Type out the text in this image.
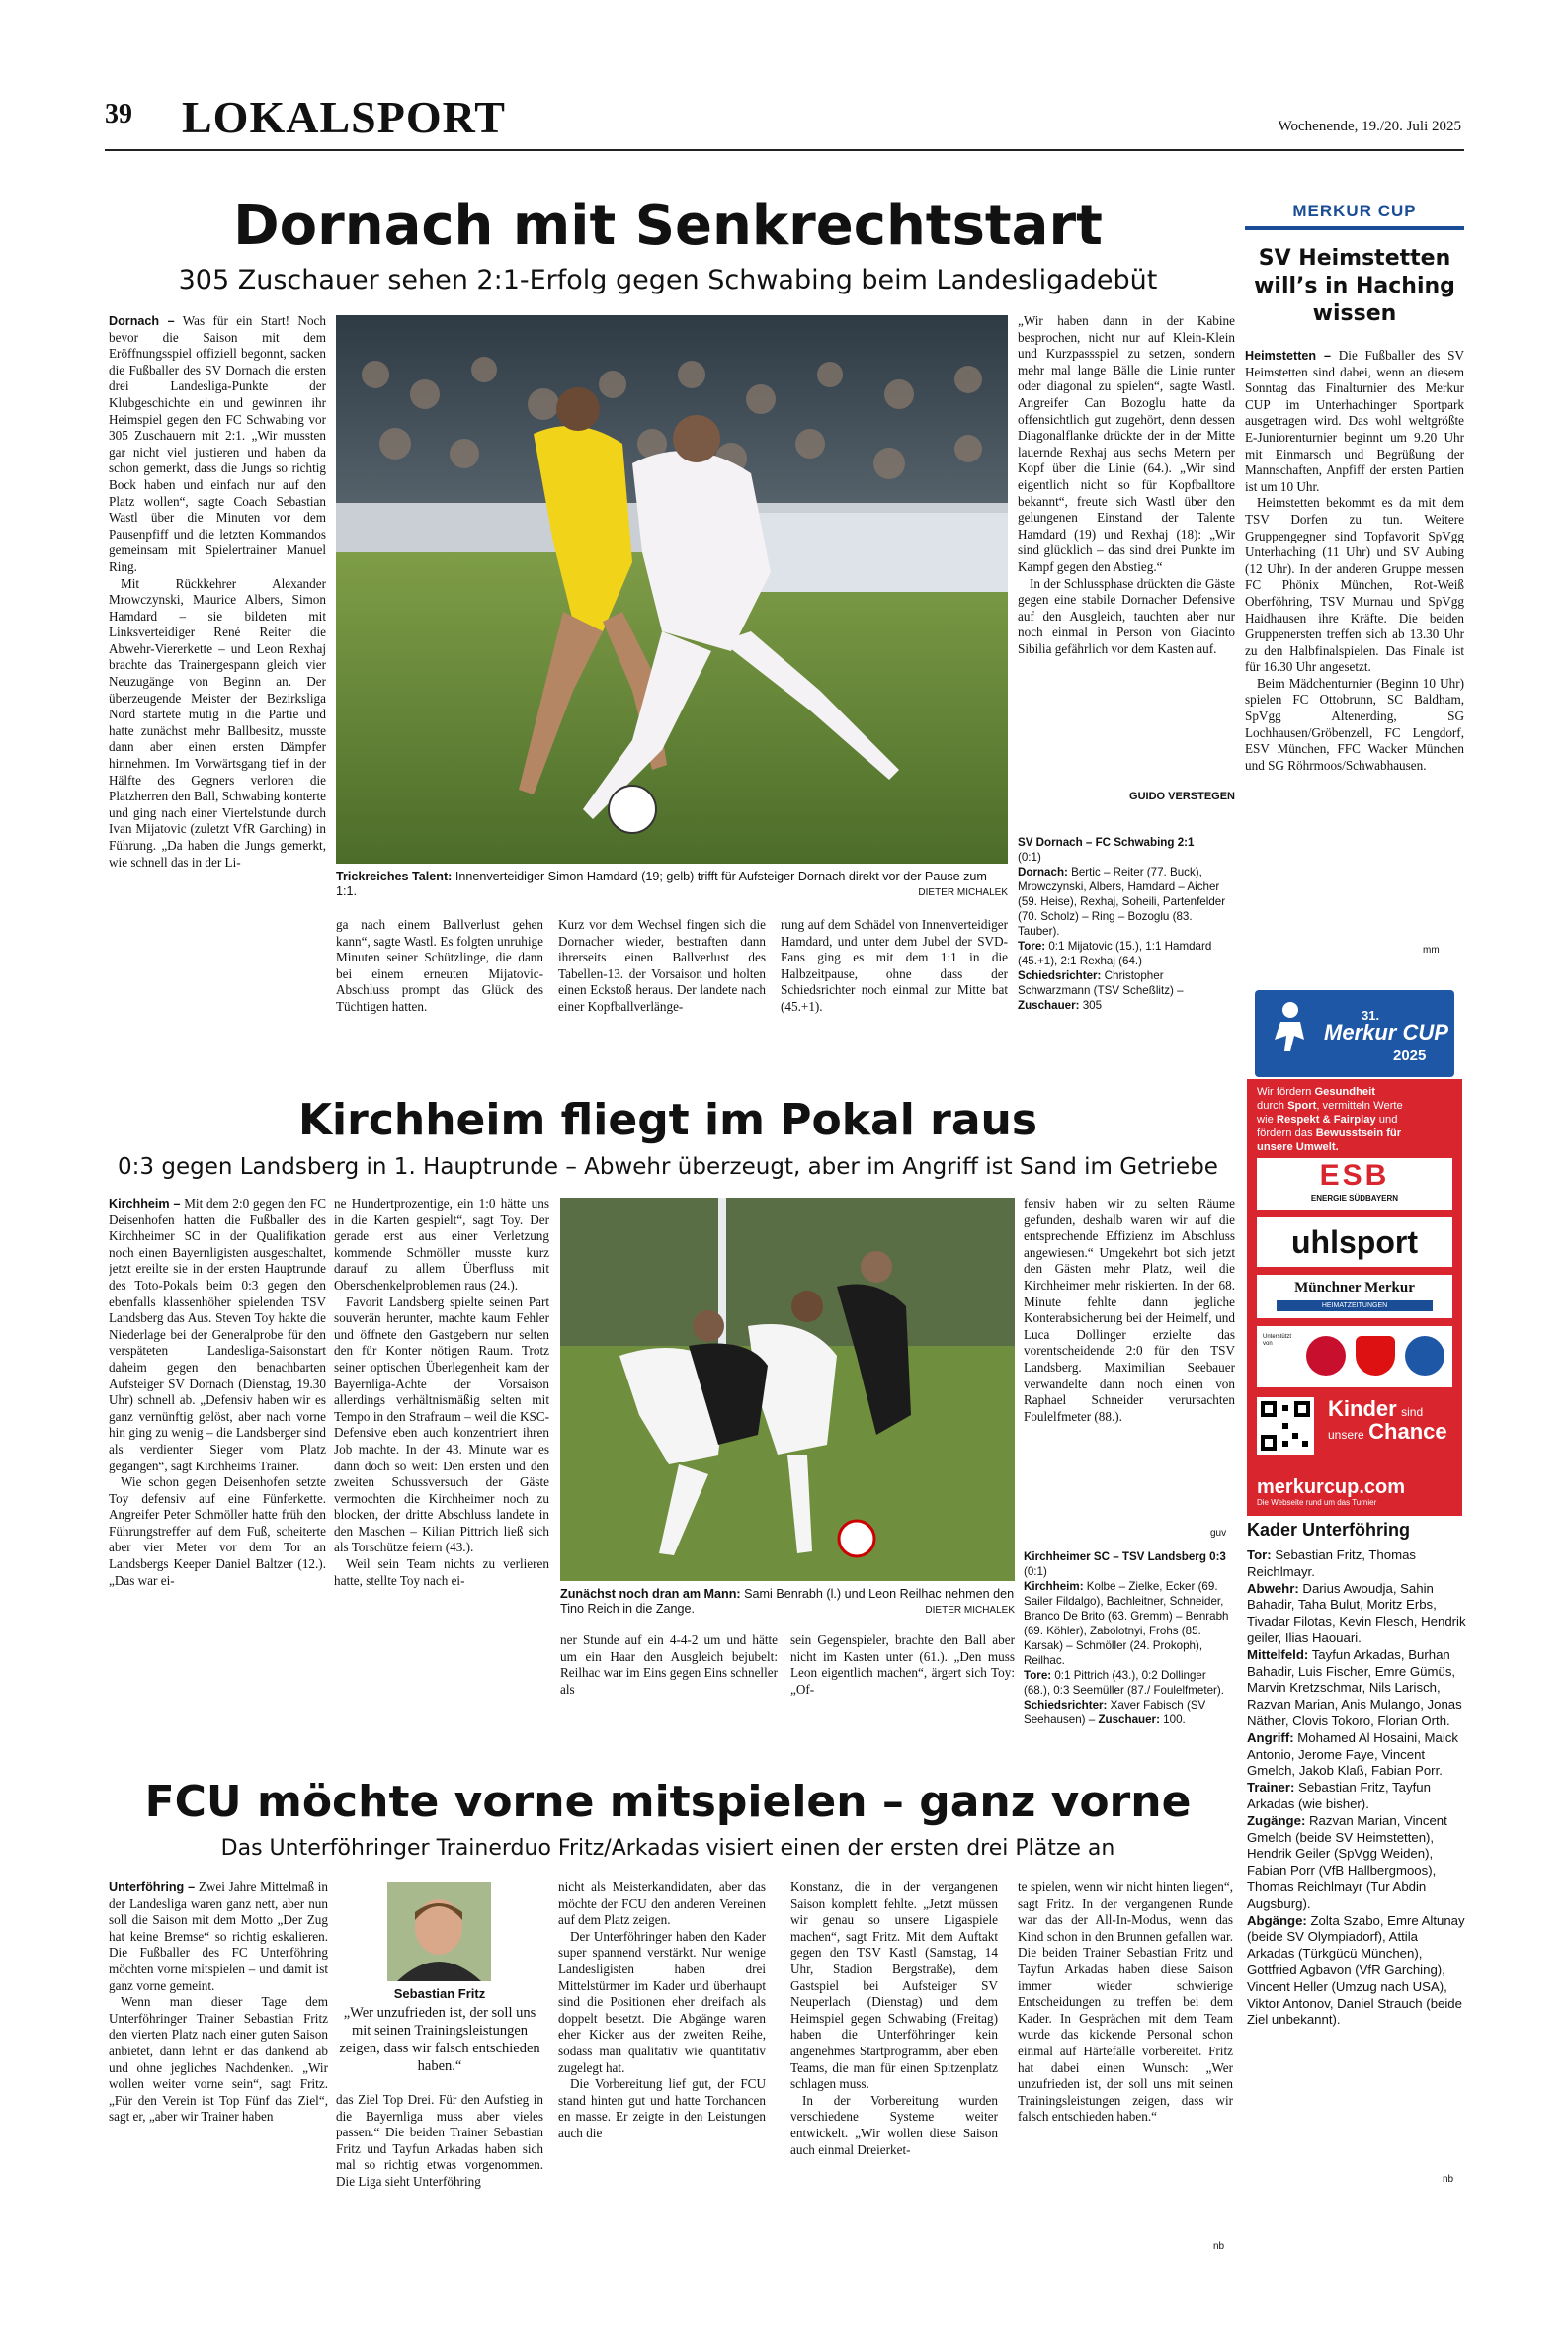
39 LOKALSPORT	Wochenende, 19./20. Juli 2025
Dornach mit Senkrechtstart
305 Zuschauer sehen 2:1-Erfolg gegen Schwabing beim Landesligadebüt

Dornach – Was für ein Start! Noch bevor die Saison mit dem Eröffnungsspiel offiziell begonnt, sacken die Fußballer des SV Dornach die ersten drei Landesliga-Punkte der Klubgeschichte ein und gewinnen ihr Heimspiel gegen den FC Schwabing vor 305 Zuschauern mit 2:1. „Wir mussten gar nicht viel justieren und haben da schon gemerkt, dass die Jungs so richtig Bock haben und einfach nur auf den Platz wollen“, sagte Coach Sebastian Wastl über die Minuten vor dem Pausenpfiff und die letzten Kommandos gemeinsam mit Spielertrainer Manuel Ring.

Mit Rückkehrer Alexander Mrowczynski, Maurice Albers, Simon Hamdard – sie bildeten mit Linksverteidiger René Reiter die Abwehr-Viererkette – und Leon Rexhaj brachte das Trainergespann gleich vier Neuzugänge von Beginn an. Der überzeugende Meister der Bezirksliga Nord startete mutig in die Partie und hatte zunächst mehr Ballbesitz, musste dann aber einen ersten Dämpfer hinnehmen. Im Vorwärtsgang tief in der Hälfte des Gegners verloren die Platzherren den Ball, Schwabing konterte und ging nach einer Viertelstunde durch Ivan Mijatovic (zuletzt VfR Garching) in Führung. „Da haben die Jungs gemerkt, wie schnell das in der Li-

Trickreiches Talent: Innenverteidiger Simon Hamdard (19; gelb) trifft für Aufsteiger Dornach direkt vor der Pause zum 1:1.	DIETER MICHALEK
ga nach einem Ballverlust gehen kann“, sagte Wastl. Es folgten unruhige Minuten seiner Schützlinge, die dann bei einem erneuten Mijatovic-Abschluss prompt das Glück des Tüchtigen hatten.
Kurz vor dem Wechsel fingen sich die Dornacher wieder, bestraften dann ihrerseits einen Ballverlust des Tabellen-13. der Vorsaison und holten einen Eckstoß heraus. Der landete nach einer Kopfballverlänge-
rung auf dem Schädel von Innenverteidiger Hamdard, und unter dem Jubel der SVD-Fans ging es mit dem 1:1 in die Halbzeitpause, ohne dass der Schiedsrichter noch einmal zur Mitte bat (45.+1).

„Wir haben dann in der Kabine besprochen, nicht nur auf Klein-Klein und Kurzpassspiel zu setzen, sondern mehr mal lange Bälle die Linie runter oder diagonal zu spielen“, sagte Wastl. Angreifer Can Bozoglu hatte da offensichtlich gut zugehört, denn dessen Diagonalflanke drückte der in der Mitte lauernde Rexhaj aus sechs Metern per Kopf über die Linie (64.). „Wir sind eigentlich nicht so für Kopfballtore bekannt“, freute sich Wastl über den gelungenen Einstand der Talente Hamdard (19) und Rexhaj (18): „Wir sind glücklich – das sind drei Punkte im Kampf gegen den Abstieg.“

In der Schlussphase drückten die Gäste gegen eine stabile Dornacher Defensive auf den Ausgleich, tauchten aber nur noch einmal in Person von Giacinto Sibilia gefährlich vor dem Kasten auf.

GUIDO VERSTEGEN
SV Dornach – FC Schwabing 2:1
(0:1)
Dornach: Bertic – Reiter (77. Buck), Mrowczynski, Albers, Hamdard – Aicher (59. Heise), Rexhaj, Soheili, Partenfelder (70. Scholz) – Ring – Bozoglu (83. Tauber).
Tore: 0:1 Mijatovic (15.), 1:1 Hamdard (45.+1), 2:1 Rexhaj (64.)
Schiedsrichter: Christopher Schwarzmann (TSV Scheßlitz) –
Zuschauer: 305
MERKUR CUP
SV Heimstetten will’s in Haching wissen

Heimstetten – Die Fußballer des SV Heimstetten sind dabei, wenn an diesem Sonntag das Finalturnier des Merkur CUP im Unterhachinger Sportpark ausgetragen wird. Das wohl weltgrößte E-Juniorenturnier beginnt um 9.20 Uhr mit Einmarsch und Begrüßung der Mannschaften, Anpfiff der ersten Partien ist um 10 Uhr.

Heimstetten bekommt es da mit dem TSV Dorfen zu tun. Weitere Gruppengegner sind Topfavorit SpVgg Unterhaching (11 Uhr) und SV Aubing (12 Uhr). In der anderen Gruppe messen FC Phönix München, Rot-Weiß Oberföhring, TSV Murnau und SpVgg Haidhausen ihre Kräfte. Die beiden Gruppenersten treffen sich ab 13.30 Uhr zu den Halbfinalspielen. Das Finale ist für 16.30 Uhr angesetzt.

Beim Mädchenturnier (Beginn 10 Uhr) spielen FC Ottobrunn, SC Baldham, SpVgg Altenerding, SG Lochhausen/Gröbenzell, FC Lengdorf, ESV München, FFC Wacker München und SG Röhrmoos/Schwabhausen.

mm
31.
Merkur CUP
2025
Wir fördern Gesundheit
durch Sport, vermitteln Werte
wie Respekt & Fairplay und
fördern das Bewusstsein für
unsere Umwelt.
ESB
ENERGIE SÜDBAYERN
uhlsport
Münchner Merkur
HEIMATZEITUNGEN
Unterstützt von
Kinder sind
unsere Chance
merkurcup.com
Die Webseite rund um das Turnier
Kader Unterföhring
Tor: Sebastian Fritz, Thomas Reichlmayr.
Abwehr: Darius Awoudja, Sahin Bahadir, Taha Bulut, Moritz Erbs, Tivadar Filotas, Kevin Flesch, Hendrik geiler, Ilias Haouari.
Mittelfeld: Tayfun Arkadas, Burhan Bahadir, Luis Fischer, Emre Gümüs, Marvin Kretzschmar, Nils Larisch, Razvan Marian, Anis Mulango, Jonas Näther, Clovis Tokoro, Florian Orth.
Angriff: Mohamed Al Hosaini, Maick Antonio, Jerome Faye, Vincent Gmelch, Jakob Klaß, Fabian Porr.
Trainer: Sebastian Fritz, Tayfun Arkadas (wie bisher).
Zugänge: Razvan Marian, Vincent Gmelch (beide SV Heimstetten), Hendrik Geiler (SpVgg Weiden), Fabian Porr (VfB Hallbergmoos), Thomas Reichlmayr (Tur Abdin Augsburg).
Abgänge: Zolta Szabo, Emre Altunay (beide SV Olympiadorf), Attila Arkadas (Türkgücü München), Gottfried Agbavon (VfR Garching), Vincent Heller (Umzug nach USA), Viktor Antonov, Daniel Strauch (beide Ziel unbekannt).
nb
Kirchheim fliegt im Pokal raus
0:3 gegen Landsberg in 1. Hauptrunde – Abwehr überzeugt, aber im Angriff ist Sand im Getriebe

Kirchheim – Mit dem 2:0 gegen den FC Deisenhofen hatten die Fußballer des Kirchheimer SC in der Qualifikation noch einen Bayernligisten ausgeschaltet, jetzt ereilte sie in der ersten Hauptrunde des Toto-Pokals beim 0:3 gegen den ebenfalls klassenhöher spielenden TSV Landsberg das Aus. Steven Toy hakte die Niederlage bei der Generalprobe für den verspäteten Landesliga-Saisonstart daheim gegen den benachbarten Aufsteiger SV Dornach (Dienstag, 19.30 Uhr) schnell ab. „Defensiv haben wir es ganz vernünftig gelöst, aber nach vorne hin ging zu wenig – die Landsberger sind als verdienter Sieger vom Platz gegangen“, sagt Kirchheims Trainer.

Wie schon gegen Deisenhofen setzte Toy defensiv auf eine Fünferkette. Angreifer Peter Schmöller hatte früh den Führungstreffer auf dem Fuß, scheiterte aber vier Meter vor dem Tor an Landsbergs Keeper Daniel Baltzer (12.). „Das war ei-

ne Hundertprozentige, ein 1:0 hätte uns in die Karten gespielt“, sagt Toy. Der gerade erst aus einer Verletzung kommende Schmöller musste kurz darauf zu allem Überfluss mit Oberschenkelproblemen raus (24.).

Favorit Landsberg spielte seinen Part souverän herunter, machte kaum Fehler und öffnete den Gastgebern nur selten den für Konter nötigen Raum. Trotz seiner optischen Überlegenheit kam der Bayernliga-Achte der Vorsaison allerdings verhältnismäßig selten mit Tempo in den Strafraum – weil die KSC-Defensive eben auch konzentriert ihren Job machte. In der 43. Minute war es dann doch so weit: Den ersten und den zweiten Schussversuch der Gäste vermochten die Kirchheimer noch zu blocken, der dritte Abschluss landete in den Maschen – Kilian Pittrich ließ sich als Torschütze feiern (43.).

Weil sein Team nichts zu verlieren hatte, stellte Toy nach ei-

Zunächst noch dran am Mann: Sami Benrabh (l.) und Leon Reilhac nehmen den Tino Reich in die Zange.	DIETER MICHALEK
ner Stunde auf ein 4-4-2 um und hätte um ein Haar den Ausgleich bejubelt: Reilhac war im Eins gegen Eins schneller als
sein Gegenspieler, brachte den Ball aber nicht im Kasten unter (61.). „Den muss Leon eigentlich machen“, ärgert sich Toy: „Of-
fensiv haben wir zu selten Räume gefunden, deshalb waren wir auf die entsprechende Effizienz im Abschluss angewiesen.“ Umgekehrt bot sich jetzt den Gästen mehr Platz, weil die Kirchheimer mehr riskierten. In der 68. Minute fehlte dann jegliche Konterabsicherung bei der Heimelf, und Luca Dollinger erzielte das vorentscheidende 2:0 für den TSV Landsberg. Maximilian Seebauer verwandelte dann noch einen von Raphael Schneider verursachten Foulelfmeter (88.).
guv
Kirchheimer SC – TSV Landsberg 0:3 (0:1)
Kirchheim: Kolbe – Zielke, Ecker (69. Sailer Fildalgo), Bachleitner, Schneider, Branco De Brito (63. Gremm) – Benrabh (69. Köhler), Zabolotnyi, Frohs (85. Karsak) – Schmöller (24. Prokoph), Reilhac.
Tore: 0:1 Pittrich (43.), 0:2 Dollinger (68.), 0:3 Seemüller (87./ Foulelfmeter).
Schiedsrichter: Xaver Fabisch (SV Seehausen) – Zuschauer: 100.
FCU möchte vorne mitspielen – ganz vorne
Das Unterföhringer Trainerduo Fritz/Arkadas visiert einen der ersten drei Plätze an

Unterföhring – Zwei Jahre Mittelmaß in der Landesliga waren ganz nett, aber nun soll die Saison mit dem Motto „Der Zug hat keine Bremse“ so richtig eskalieren. Die Fußballer des FC Unterföhring möchten vorne mitspielen – und damit ist ganz vorne gemeint.

Wenn man dieser Tage dem Unterföhringer Trainer Sebastian Fritz den vierten Platz nach einer guten Saison anbietet, dann lehnt er das dankend ab und ohne jegliches Nachdenken. „Wir wollen weiter vorne sein“, sagt Fritz. „Für den Verein ist Top Fünf das Ziel“, sagt er, „aber wir Trainer haben

Sebastian Fritz
„Wer unzufrieden ist, der soll uns mit seinen Trainingsleistungen zeigen, dass wir falsch entschieden haben.“
das Ziel Top Drei. Für den Aufstieg in die Bayernliga muss aber vieles passen.“ Die beiden Trainer Sebastian Fritz und Tayfun Arkadas haben sich mal so richtig etwas vorgenommen. Die Liga sieht Unterföhring

nicht als Meisterkandidaten, aber das möchte der FCU den anderen Vereinen auf dem Platz zeigen.

Der Unterföhringer haben den Kader super spannend verstärkt. Nur wenige Landesligisten haben drei Mittelstürmer im Kader und überhaupt sind die Positionen eher dreifach als doppelt besetzt. Die Abgänge waren eher Kicker aus der zweiten Reihe, sodass man qualitativ wie quantitativ zugelegt hat.

Die Vorbereitung lief gut, der FCU stand hinten gut und hatte Torchancen en masse. Er zeigte in den Leistungen auch die

Konstanz, die in der vergangenen Saison komplett fehlte. „Jetzt müssen wir genau so unsere Ligaspiele machen“, sagt Fritz. Mit dem Auftakt gegen den TSV Kastl (Samstag, 14 Uhr, Stadion Bergstraße), dem Gastspiel bei Aufsteiger SV Neuperlach (Dienstag) und dem Heimspiel gegen Schwabing (Freitag) haben die Unterföhringer kein angenehmes Startprogramm, aber eben Teams, die man für einen Spitzenplatz schlagen muss.

In der Vorbereitung wurden verschiedene Systeme weiter entwickelt. „Wir wollen diese Saison auch einmal Dreierket-

te spielen, wenn wir nicht hinten liegen“, sagt Fritz. In der vergangenen Runde war das der All-In-Modus, wenn das Kind schon in den Brunnen gefallen war. Die beiden Trainer Sebastian Fritz und Tayfun Arkadas haben diese Saison immer wieder schwierige Entscheidungen zu treffen bei dem Kader. In Gesprächen mit dem Team wurde das kickende Personal schon einmal auf Härtefälle vorbereitet. Fritz hat dabei einen Wunsch: „Wer unzufrieden ist, der soll uns mit seinen Trainingsleistungen zeigen, dass wir falsch entschieden haben.“
nb
